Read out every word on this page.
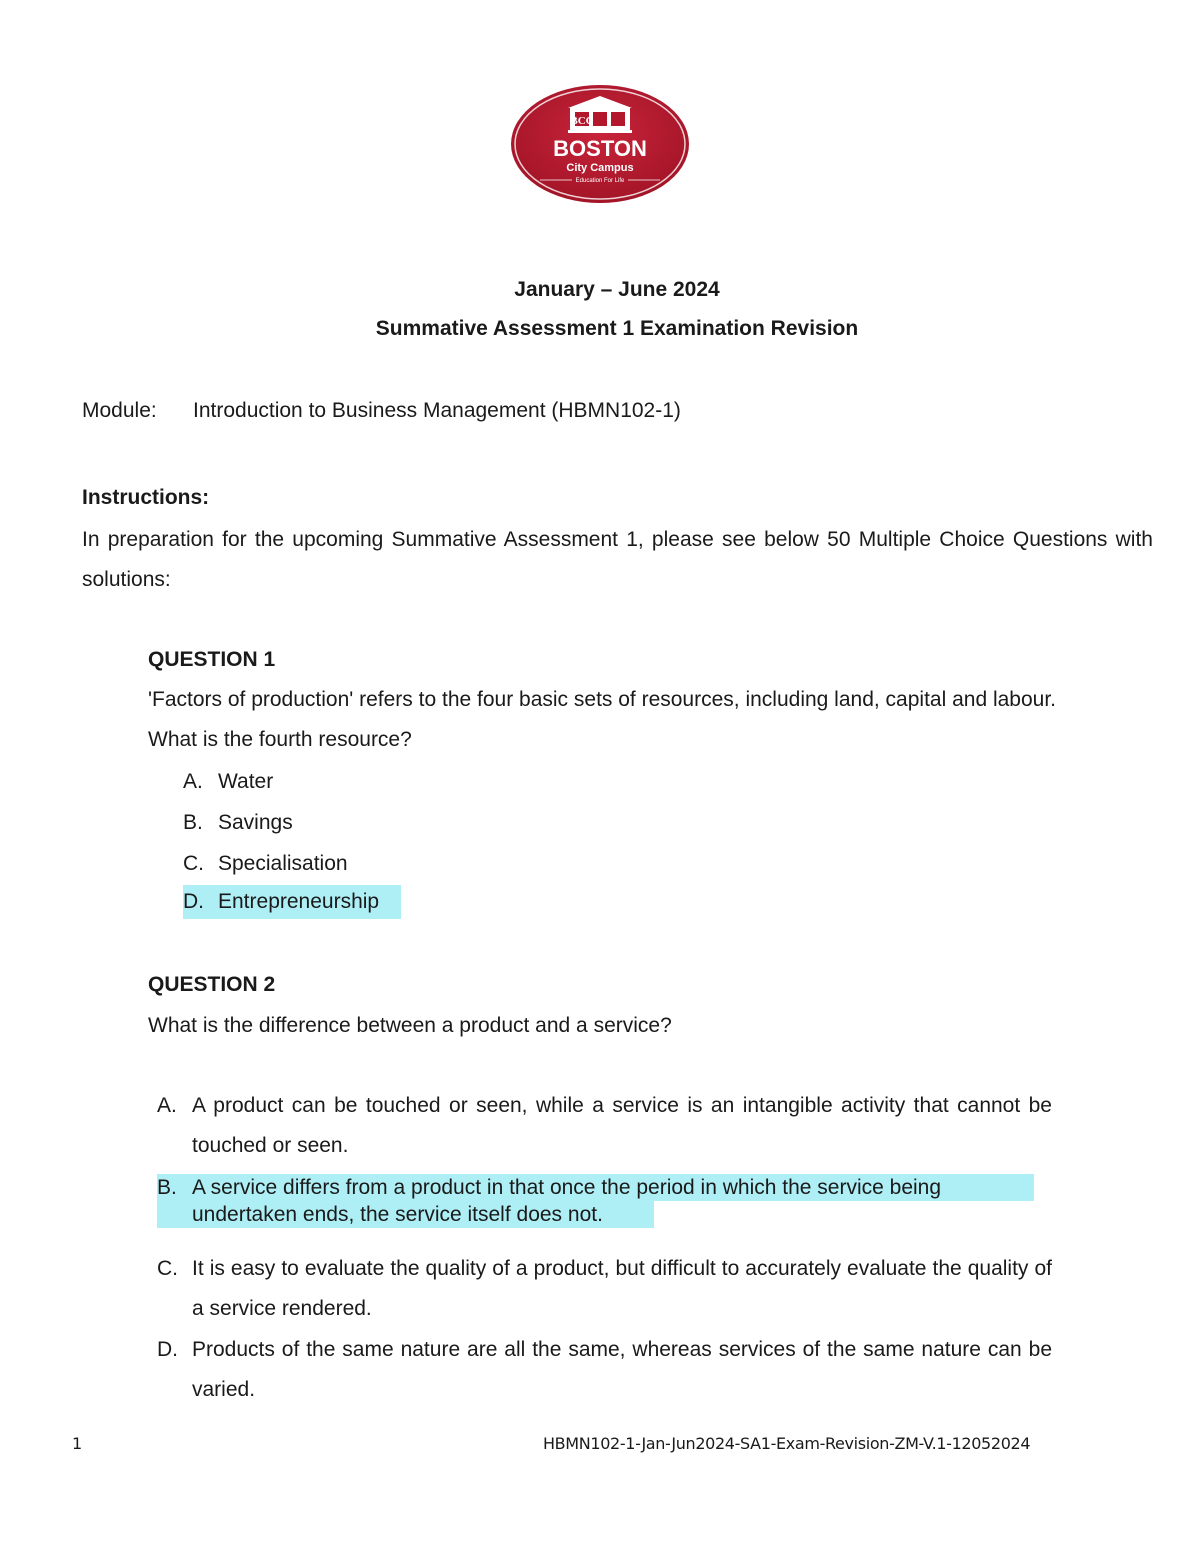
BCC
BOSTON
City Campus
Education For Life
January – June 2024
Summative Assessment 1 Examination Revision
Module: Introduction to Business Management (HBMN102-1)
Instructions:
In preparation for the upcoming Summative Assessment 1, please see below 50 Multiple Choice Questions with solutions:
QUESTION 1
'Factors of production' refers to the four basic sets of resources, including land, capital and labour. What is the fourth resource?
A. Water
B. Savings
C. Specialisation
D. Entrepreneurship
QUESTION 2
What is the difference between a product and a service?
A. A product can be touched or seen, while a service is an intangible activity that cannot be touched or seen.
B. A service differs from a product in that once the period in which the service being
undertaken ends, the service itself does not.
C. It is easy to evaluate the quality of a product, but difficult to accurately evaluate the quality of a service rendered.
D. Products of the same nature are all the same, whereas services of the same nature can be varied.
1	HBMN102-1-Jan-Jun2024-SA1-Exam-Revision-ZM-V.1-12052024
